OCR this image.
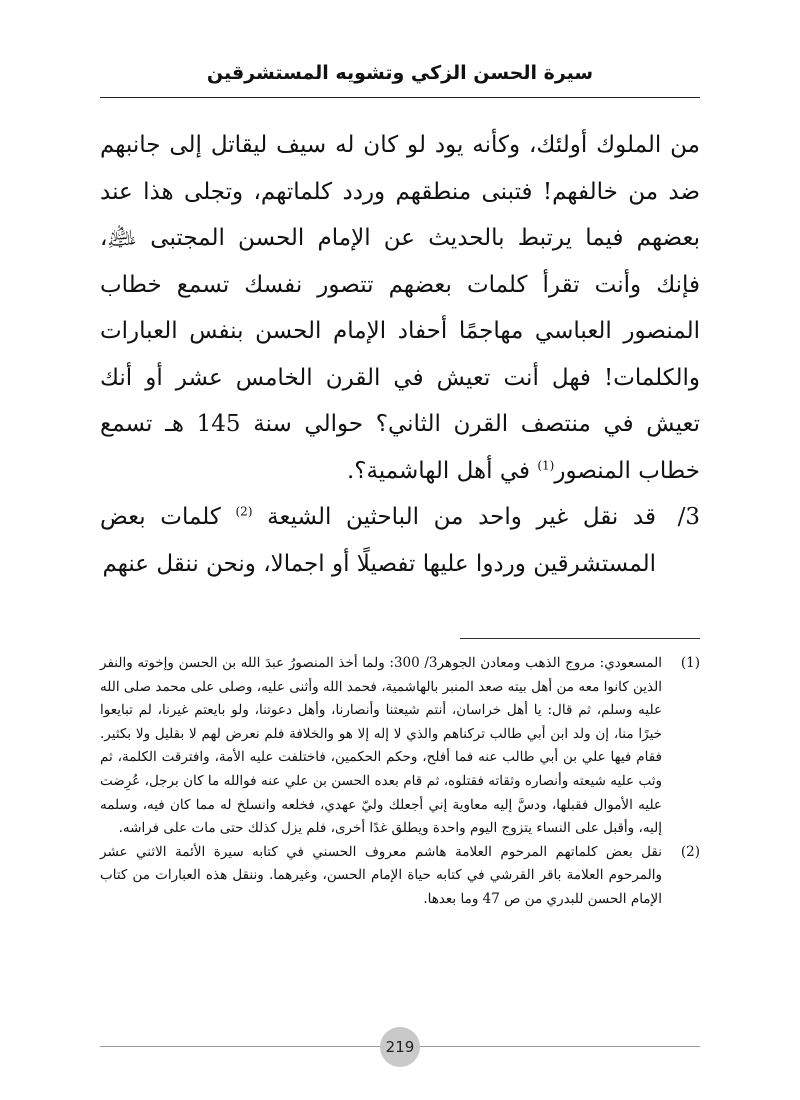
سيرة الحسن الزكي وتشويه المستشرقين

من الملوك أولئك، وكأنه يود لو كان له سيف ليقاتل إلى جانبهم ضد من خالفهم! فتبنى منطقهم وردد كلماتهم، وتجلى هذا عند بعضهم فيما يرتبط بالحديث عن الإمام الحسن المجتبى ﵇، فإنك وأنت تقرأ كلمات بعضهم تتصور نفسك تسمع خطاب المنصور العباسي مهاجمًا أحفاد الإمام الحسن بنفس العبارات والكلمات! فهل أنت تعيش في القرن الخامس عشر أو أنك تعيش في منتصف القرن الثاني؟ حوالي سنة 145 هـ تسمع خطاب المنصور$^{(1)}$ في أهل الهاشمية؟.

3/
قد نقل غير واحد من الباحثين الشيعة $^{(2)}$ كلمات بعض المستشرقين وردوا عليها تفصيلًا أو اجمالا، ونحن ننقل عنهم
(1)
المسعودي: مروج الذهب ومعادن الجوهر3/ 300: ولما أخذ المنصورُ عبدَ الله بن الحسن وإخوته والنفر الذين كانوا معه من أهل بيته صعد المنبر بالهاشمية، فحمد الله وأثنى عليه، وصلى على محمد صلى الله عليه وسلم، ثم قال: يا أهل خراسان، أنتم شيعتنا وأنصارنا، وأهل دعوتنا، ولو بايعتم غيرنا، لم تبايعوا خيرًا منا، إن ولد ابن أبي طالب تركناهم والذي لا إله إلا هو والخلافة فلم نعرض لهم لا بقليل ولا بكثير. فقام فيها علي بن أبي طالب عنه فما أفلح، وحكم الحكمين، فاختلفت عليه الأمة، وافترقت الكلمة، ثم وثب عليه شيعته وأنصاره وثقاته فقتلوه، ثم قام بعده الحسن بن علي عنه فوالله ما كان برجل، عُرِضت عليه الأموال فقبلها، ودسَّ إليه معاوية إني أجعلك وليّ عهدي، فخلعه وانسلخ له مما كان فيه، وسلمه إليه، وأقبل على النساء يتزوج اليوم واحدة ويطلق غدًا أخرى، فلم يزل كذلك حتى مات على فراشه.
(2)
نقل بعض كلماتهم المرحوم العلامة هاشم معروف الحسني في كتابه سيرة الأئمة الاثني عشر والمرحوم العلامة باقر القرشي في كتابه حياة الإمام الحسن، وغيرهما. وننقل هذه العبارات من كتاب الإمام الحسن للبدري من ص 47 وما بعدها.
219
